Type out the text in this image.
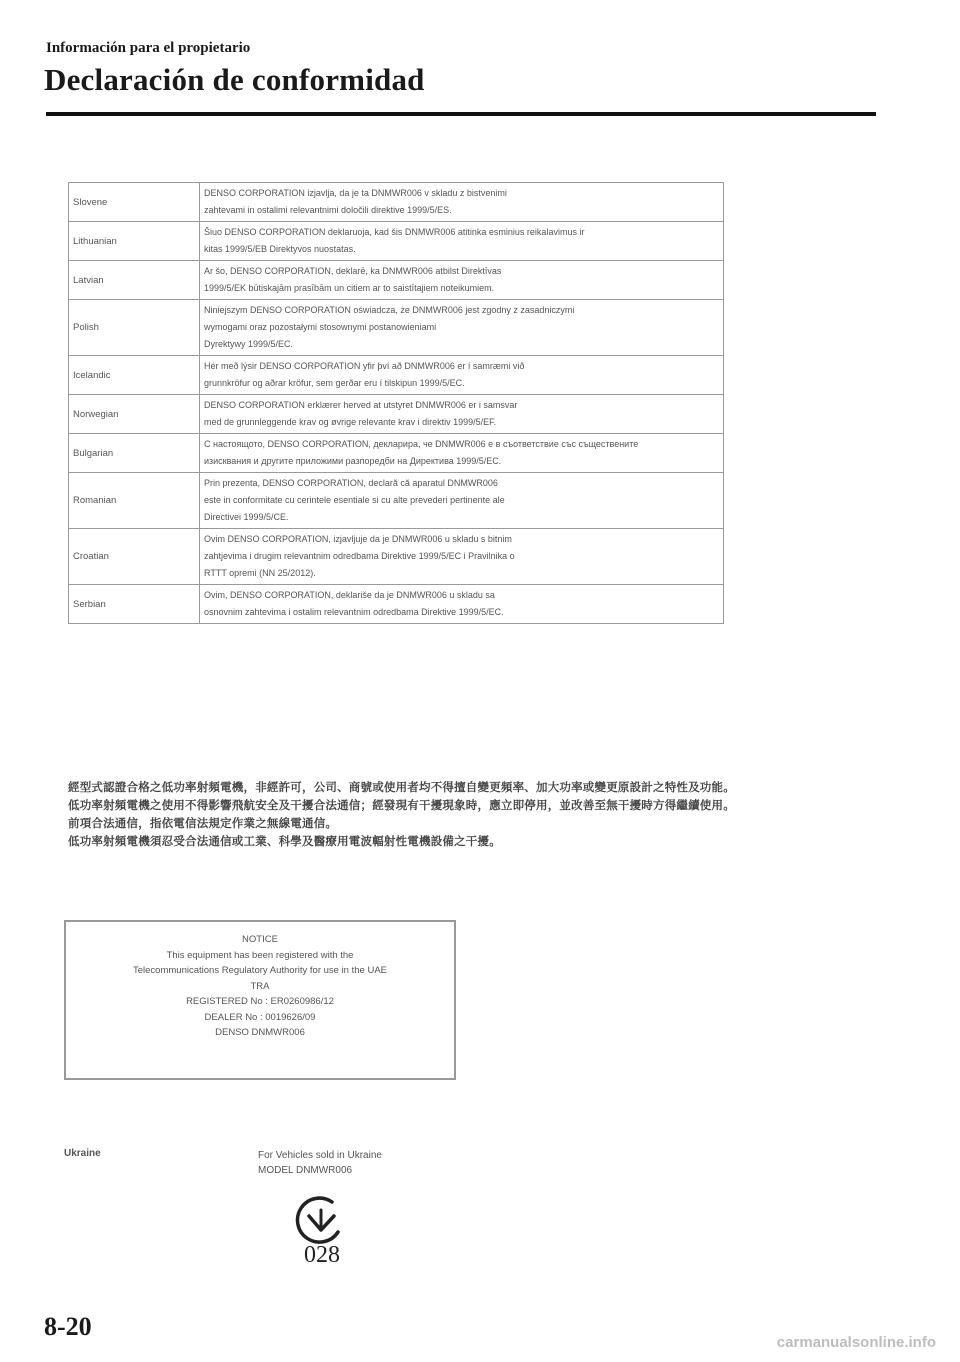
Información para el propietario
Declaración de conformidad
Slovene	DENSO CORPORATION izjavlja, da je ta DNMWR006 v skladu z bistvenimi
zahtevami in ostalimi relevantnimi določili direktive 1999/5/ES.

Lithuanian	Šiuo DENSO CORPORATION deklaruoja, kad šis DNMWR006 atitinka esminius reikalavimus ir
kitas 1999/5/EB Direktyvos nuostatas.

Latvian	Ar šo, DENSO CORPORATION, deklarē, ka DNMWR006 atbilst Direktīvas
1999/5/EK būtiskajām prasībām un citiem ar to saistītajiem noteikumiem.

Polish	Niniejszym DENSO CORPORATION oświadcza, że DNMWR006 jest zgodny z zasadniczymi
wymogami oraz pozostałymi stosownymi postanowieniami
Dyrektywy 1999/5/EC.

Icelandic	Hér með lýsir DENSO CORPORATION yfir því að DNMWR006 er í samræmi við
grunnkröfur og aðrar kröfur, sem gerðar eru í tilskipun 1999/5/EC.

Norwegian	DENSO CORPORATION erklærer herved at utstyret DNMWR006 er i samsvar
med de grunnleggende krav og øvrige relevante krav i direktiv 1999/5/EF.

Bulgarian	С настоящото, DENSO CORPORATION, декларира, че DNMWR006 е в съответствие със съществените
изисквания и другите приложими разпоредби на Директива 1999/5/ЕС.

Romanian	Prin prezenta, DENSO CORPORATION, declară că aparatul DNMWR006
este in conformitate cu cerintele esentiale si cu alte prevederi pertinente ale
Directivei 1999/5/CE.

Croatian	Ovim DENSO CORPORATION, izjavljuje da je DNMWR006 u skladu s bitnim
zahtjevima i drugim relevantnim odredbama Direktive 1999/5/EC i Pravilnika o
RTTT opremi (NN 25/2012).

Serbian	Ovim, DENSO CORPORATION, deklariše da je DNMWR006 u skladu sa
osnovnim zahtevima i ostalim relevantnim odredbama Direktive 1999/5/EC.
經型式認證合格之低功率射頻電機，非經許可，公司、商號或使用者均不得擅自變更頻率、加大功率或變更原設計之特性及功能。
低功率射頻電機之使用不得影響飛航安全及干擾合法通信；經發現有干擾現象時，應立即停用，並改善至無干擾時方得繼續使用。
前項合法通信，指依電信法規定作業之無線電通信。
低功率射頻電機須忍受合法通信或工業、科學及醫療用電波輻射性電機設備之干擾。
NOTICE
This equipment has been registered with the
Telecommunications Regulatory Authority for use in the UAE
TRA
REGISTERED No : ER0260986/12
DEALER No : 0019626/09
DENSO DNMWR006
Ukraine	For Vehicles sold in Ukraine
MODEL DNMWR006
028
8-20
carmanualsonline.info
